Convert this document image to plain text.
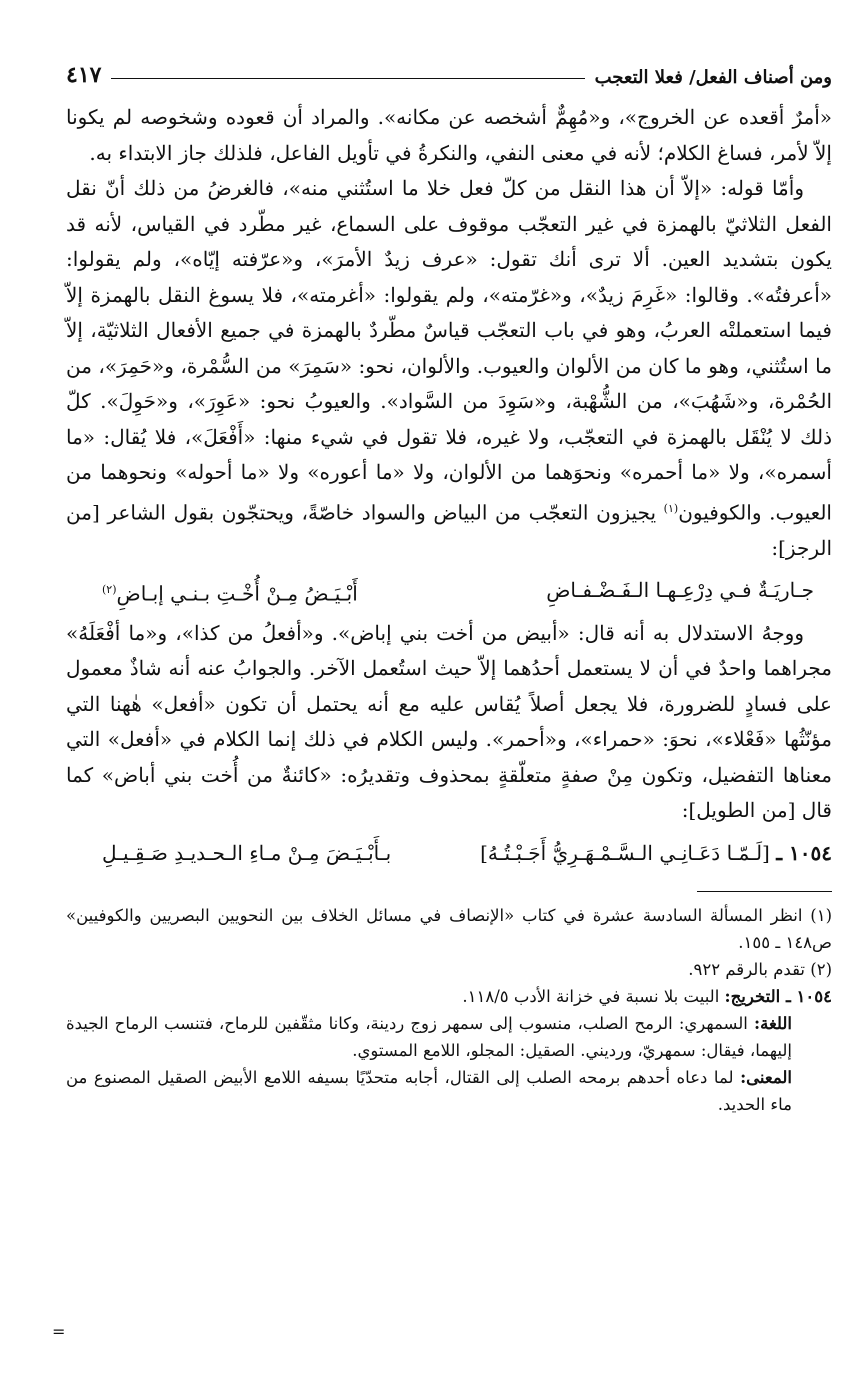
ومن أصناف الفعل/ فعلا التعجب
٤١٧

«أمرٌ أقعده عن الخروج»، و«مُهِمٌّ أشخصه عن مكانه». والمراد أن قعوده وشخوصه لم يكونا إلاّ لأمر، فساغ الكلام؛ لأنه في معنى النفي، والنكرةُ في تأويل الفاعل، فلذلك جاز الابتداء به.

وأمّا قوله: «إلاّ أن هذا النقل من كلّ فعل خلا ما استُثني منه»، فالغرضُ من ذلك أنّ نقل الفعل الثلاثيّ بالهمزة في غير التعجّب موقوف على السماع، غير مطّرد في القياس، لأنه قد يكون بتشديد العين. ألا ترى أنك تقول: «عرف زيدٌ الأمرَ»، و«عرّفته إيّاه»، ولم يقولوا: «أعرفتُه». وقالوا: «غَرِمَ زيدٌ»، و«غرّمته»، ولم يقولوا: «أغرمته»، فلا يسوغ النقل بالهمزة إلاّ فيما استعملتْه العربُ، وهو في باب التعجّب قياسٌ مطّردٌ بالهمزة في جميع الأفعال الثلاثيّة، إلاّ ما استُثني، وهو ما كان من الألوان والعيوب. والألوان، نحو: «سَمِرَ» من السُّمْرة، و«حَمِرَ»، من الحُمْرة، و«شَهُبَ»، من الشُّهْبة، و«سَوِدَ من السَّواد». والعيوبُ نحو: «عَوِرَ»، و«حَوِلَ». كلّ ذلك لا يُنْقَل بالهمزة في التعجّب، ولا غيره، فلا تقول في شيء منها: «أَفْعَلَ»، فلا يُقال: «ما أسمره»، ولا «ما أحمره» ونحوَهما من الألوان، ولا «ما أعوره» ولا «ما أحوله» ونحوهما من العيوب. والكوفيون$^{(١)}$ يجيزون التعجّب من البياض والسواد خاصّةً، ويحتجّون بقول الشاعر [من الرجز]:

جـاريَـةٌ فـي دِرْعِـهـا الـفَـضْـفـاضِ
أَبْـيَـضُ مِـنْ أُخْـتِ بـنـي إبـاضِ$^{(٢)}$

ووجهُ الاستدلال به أنه قال: «أبيض من أخت بني إباض». و«أفعلُ من كذا»، و«ما أفْعَلَهُ» مجراهما واحدٌ في أن لا يستعمل أحدُهما إلاّ حيث استُعمل الآخر. والجوابُ عنه أنه شاذٌ معمول على فسادٍ للضرورة، فلا يجعل أصلاً يُقاس عليه مع أنه يحتمل أن تكون «أفعل» هٰهنا التي مؤنّثُها «فَعْلاء»، نحوَ: «حمراء»، و«أحمر». وليس الكلام في ذلك إنما الكلام في «أفعل» التي معناها التفضيل، وتكون مِنْ صفةٍ متعلّقةٍ بمحذوف وتقديرُه: «كائنةٌ من أُخت بني أباض» كما قال [من الطويل]:

١٠٥٤ ـ [لَـمّـا دَعَـانِـي الـسَّـمْـهَـرِيُّ أَجَـبْـتُـهُ]
بـأَبْـيَـضَ مِـنْ مـاءِ الـحـديـدِ صَـقِـيـلِ

(١) انظر المسألة السادسة عشرة في كتاب «الإنصاف في مسائل الخلاف بين النحويين البصريين والكوفيين» ص١٤٨ ـ ١٥٥.

(٢) تقدم بالرقم ٩٢٢.

١٠٥٤ ـ التخريج: البيت بلا نسبة في خزانة الأدب ١١٨/٥.

اللغة: السمهري: الرمح الصلب، منسوب إلى سمهر زوج ردينة، وكانا مثقّفين للرماح، فتنسب الرماح الجيدة إليهما، فيقال: سمهريّ، ورديني. الصقيل: المجلو، اللامع المستوي.

المعنى: لما دعاه أحدهم برمحه الصلب إلى القتال، أجابه متحدّيًا بسيفه اللامع الأبيض الصقيل المصنوع من ماء الحديد.

=
